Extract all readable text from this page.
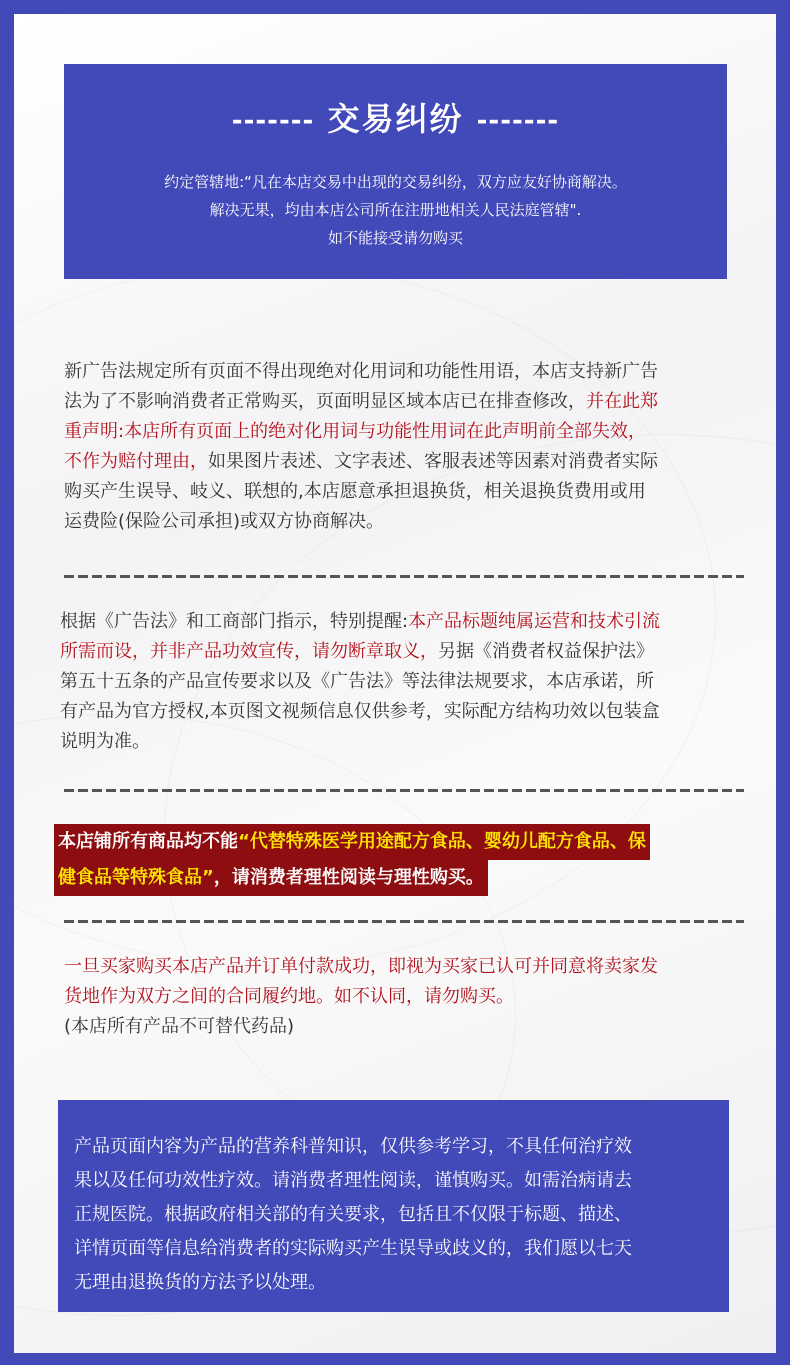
------- 交易纠纷 -------
约定管辖地:“凡在本店交易中出现的交易纠纷，双方应友好协商解决。
解决无果，均由本店公司所在注册地相关人民法庭管辖".
如不能接受请勿购买
新广告法规定所有页面不得出现绝对化用词和功能性用语，本店支持新广告
法为了不影响消费者正常购买，页面明显区域本店已在排查修改，并在此郑
重声明:本店所有页面上的绝对化用词与功能性用词在此声明前全部失效，
不作为赔付理由，如果图片表述、文字表述、客服表述等因素对消费者实际
购买产生误导、岐义、联想的,本店愿意承担退换货，相关退换货费用或用
运费险(保险公司承担)或双方协商解决。
根据《广告法》和工商部门指示，特别提醒:本产品标题纯属运营和技术引流
所需而设，并非产品功效宣传，请勿断章取义，另据《消费者权益保护法》
第五十五条的产品宣传要求以及《广告法》等法律法规要求，本店承诺，所
有产品为官方授权,本页图文视频信息仅供参考，实际配方结构功效以包装盒
说明为准。
本店铺所有商品均不能“代替特殊医学用途配方食品、婴幼儿配方食品、保
健食品等特殊食品”，请消费者理性阅读与理性购买。
一旦买家购买本店产品并订单付款成功，即视为买家已认可并同意将卖家发
货地作为双方之间的合同履约地。如不认同，请勿购买。
(本店所有产品不可替代药品)
产品页面内容为产品的营养科普知识，仅供参考学习，不具任何治疗效
果以及任何功效性疗效。请消费者理性阅读，谨慎购买。如需治病请去
正规医院。根据政府相关部的有关要求，包括且不仅限于标题、描述、
详情页面等信息给消费者的实际购买产生误导或歧义的，我们愿以七天
无理由退换货的方法予以处理。
